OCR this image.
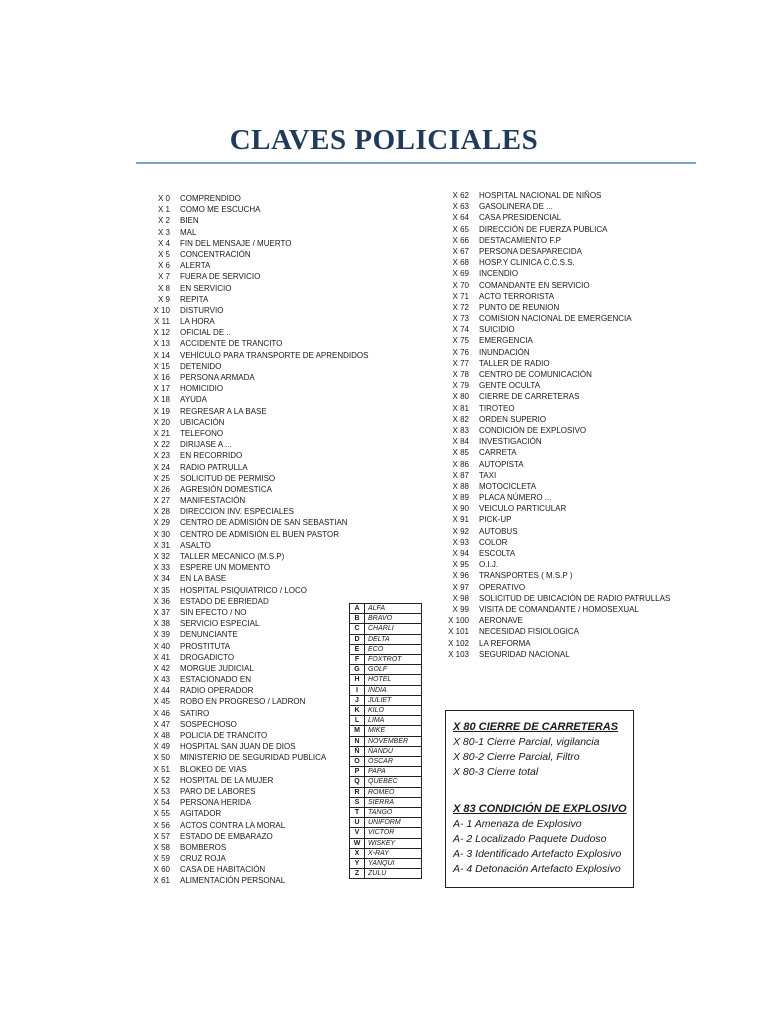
CLAVES POLICIALES
X 0 COMPRENDIDO
X 1 COMO ME ESCUCHA
X 2 BIEN
X 3 MAL
X 4 FIN DEL MENSAJE / MUERTO
X 5 CONCENTRACIÓN
X 6 ALERTA
X 7 FUERA DE SERVICIO
X 8 EN SERVICIO
X 9 REPITA
X 10 DISTURVIO
X 11 LA HORA
X 12 OFICIAL DE ..
X 13 ACCIDENTE DE TRANCITO
X 14 VEHÍCULO PARA TRANSPORTE DE APRENDIDOS
X 15 DETENIDO
X 16 PERSONA ARMADA
X 17 HOMICIDIO
X 18 AYUDA
X 19 REGRESAR A LA BASE
X 20 UBICACIÓN
X 21 TELEFONO
X 22 DIRIJASE A ...
X 23 EN RECORRIDO
X 24 RADIO PATRULLA
X 25 SOLICITUD DE PERMISO
X 26 AGRESIÓN DOMESTICA
X 27 MANIFESTACIÓN
X 28 DIRECCION INV. ESPECIALES
X 29 CENTRO DE ADMISIÓN DE SAN SEBASTIAN
X 30 CENTRO DE ADMISIÓN EL BUEN PASTOR
X 31 ASALTO
X 32 TALLER MECANICO (M.S.P)
X 33 ESPERE UN MOMENTO
X 34 EN LA BASE
X 35 HOSPITAL PSIQUIATRICO / LOCO
X 36 ESTADO DE EBRIEDAD
X 37 SIN EFECTO / NO
X 38 SERVICIO ESPECIAL
X 39 DENUNCIANTE
X 40 PROSTITUTA
X 41 DROGADICTO
X 42 MORGUE JUDICIAL
X 43 ESTACIONADO EN
X 44 RADIO OPERADOR
X 45 ROBO EN PROGRESO / LADRON
X 46 SATIRO
X 47 SOSPECHOSO
X 48 POLICIA DE TRANCITO
X 49 HOSPITAL SAN JUAN DE DIOS
X 50 MINISTERIO DE SEGURIDAD PUBLICA
X 51 BLOKEO DE VIAS
X 52 HOSPITAL DE LA MUJER
X 53 PARO DE LABORES
X 54 PERSONA HERIDA
X 55 AGITADOR
X 56 ACTOS CONTRA LA MORAL
X 57 ESTADO DE EMBARAZO
X 58 BOMBEROS
X 59 CRUZ ROJA
X 60 CASA DE HABITACIÓN
X 61 ALIMENTACIÓN PERSONAL
X 62 HOSPITAL NACIONAL DE NIÑOS
X 63 GASOLINERA DE ...
X 64 CASA PRESIDENCIAL
X 65 DIRECCIÓN DE FUERZA PUBLICA
X 66 DESTACAMIENTO F.P
X 67 PERSONA DESAPARECIDA
X 68 HOSP.Y CLINICA C.C.S.S.
X 69 INCENDIO
X 70 COMANDANTE EN SERVICIO
X 71 ACTO TERRORISTA
X 72 PUNTO DE REUNION
X 73 COMISION NACIONAL DE EMERGENCIA
X 74 SUICIDIO
X 75 EMERGENCIA
X 76 INUNDACIÓN
X 77 TALLER DE RADIO
X 78 CENTRO DE COMUNICACIÓN
X 79 GENTE OCULTA
X 80 CIERRE DE CARRETERAS
X 81 TIROTEO
X 82 ORDEN SUPERIO
X 83 CONDICIÓN DE EXPLOSIVO
X 84 INVESTIGACIÓN
X 85 CARRETA
X 86 AUTOPISTA
X 87 TAXI
X 88 MOTOCICLETA
X 89 PLACA NÚMERO ...
X 90 VEICULO PARTICULAR
X 91 PICK-UP
X 92 AUTOBUS
X 93 COLOR
X 94 ESCOLTA
X 95 O.I.J.
X 96 TRANSPORTES ( M.S.P )
X 97 OPERATIVO
X 98 SOLICITUD DE UBICACIÓN DE RADIO PATRULLAS
X 99 VISITA DE COMANDANTE / HOMOSEXUAL
X 100 AERONAVE
X 101 NECESIDAD FISIOLOGICA
X 102 LA REFORMA
X 103 SEGURIDAD NACIONAL
A	ALFA
B	BRAVO
C	CHARLI
D	DELTA
E	ECO
F	FOXTROT
G	GOLF
H	HOTEL
I	INDIA
J	JULIET
K	KILO
L	LIMA
M	MIKE
N	NOVEMBER
Ñ	ÑANDU
O	OSCAR
P	PAPA
Q	QUEBEC
R	ROMEO
S	SIERRA
T	TANGO
U	UNIFORM
V	VICTOR
W	WISKEY
X	X-RAY
Y	YANQUI
Z	ZULÚ
X 80 CIERRE DE CARRETERAS
X 80-1 Cierre Parcial, vigilancia
X 80-2 Cierre Parcial, Filtro
X 80-3 Cierre total
X 83 CONDICIÓN DE EXPLOSIVO
A- 1 Amenaza de Explosivo
A- 2 Localizado Paquete Dudoso
A- 3 Identificado Artefacto Explosivo
A- 4 Detonación Artefacto Explosivo
